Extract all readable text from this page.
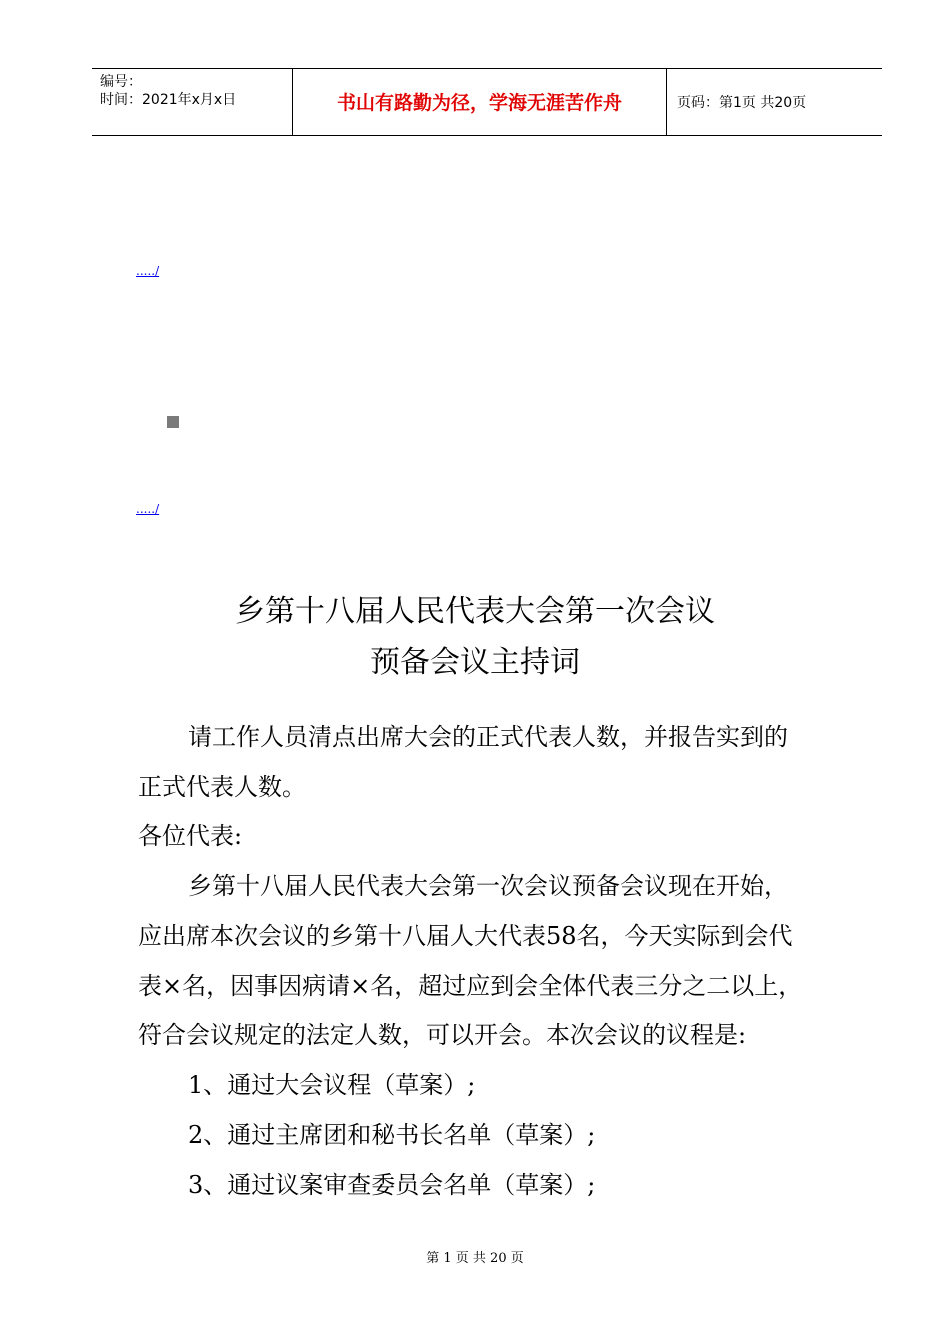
编号：
时间：2021年x月x日	书山有路勤为径，学海无涯苦作舟	页码：第1页 共20页
...../
...../
乡第十八届人民代表大会第一次会议
预备会议主持词
请工作人员清点出席大会的正式代表人数，并报告实到的
正式代表人数。
各位代表:
乡第十八届人民代表大会第一次会议预备会议现在开始，
应出席本次会议的乡第十八届人大代表58名，今天实际到会代
表×名，因事因病请×名，超过应到会全体代表三分之二以上，
符合会议规定的法定人数，可以开会。本次会议的议程是:
1、通过大会议程（草案）;
2、通过主席团和秘书长名单（草案）;
3、通过议案审查委员会名单（草案）;
第 1 页 共 20 页
